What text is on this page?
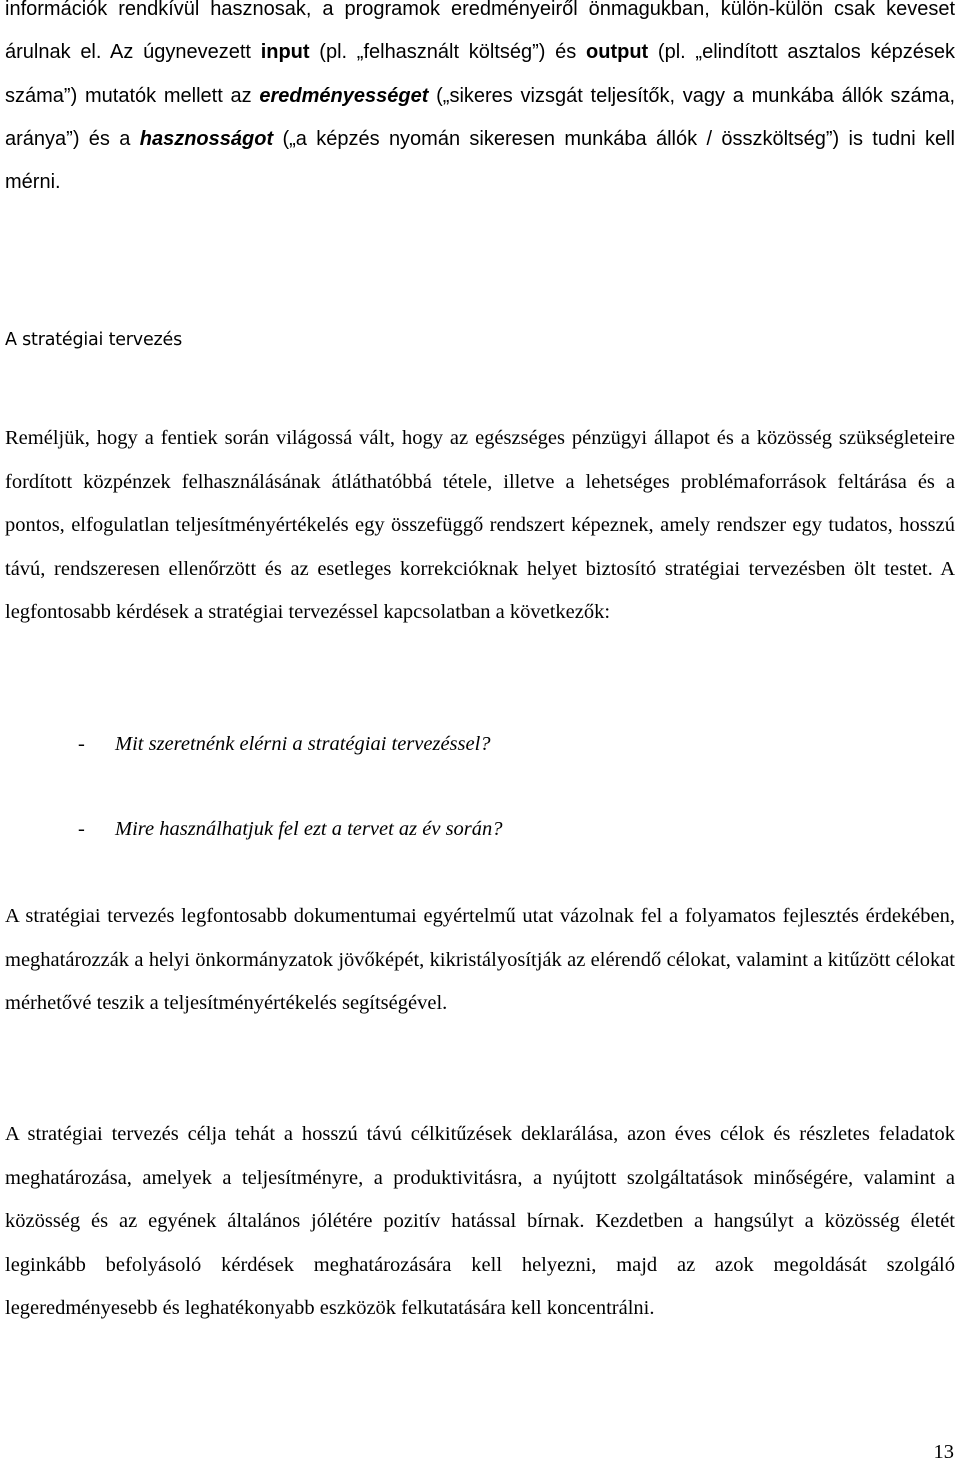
információk rendkívül hasznosak, a programok eredményeiről önmagukban, külön-külön csak keveset árulnak el. Az úgynevezett input (pl. „felhasznált költség”) és output (pl. „elindított asztalos képzések száma”) mutatók mellett az eredményességet („sikeres vizsgát teljesítők, vagy a munkába állók száma, aránya”) és a hasznosságot („a képzés nyomán sikeresen munkába állók / összköltség”) is tudni kell mérni.

A stratégiai tervezés

Reméljük, hogy a fentiek során világossá vált, hogy az egészséges pénzügyi állapot és a közösség szükségleteire fordított közpénzek felhasználásának átláthatóbbá tétele, illetve a lehetséges problémaforrások feltárása és a pontos, elfogulatlan teljesítményértékelés egy összefüggő rendszert képeznek, amely rendszer egy tudatos, hosszú távú, rendszeresen ellenőrzött és az esetleges korrekcióknak helyet biztosító stratégiai tervezésben ölt testet. A legfontosabb kérdések a stratégiai tervezéssel kapcsolatban a következők:

- Mit szeretnénk elérni a stratégiai tervezéssel?

- Mire használhatjuk fel ezt a tervet az év során?

A stratégiai tervezés legfontosabb dokumentumai egyértelmű utat vázolnak fel a folyamatos fejlesztés érdekében, meghatározzák a helyi önkormányzatok jövőképét, kikristályosítják az elérendő célokat, valamint a kitűzött célokat mérhetővé teszik a teljesítményértékelés segítségével.

A stratégiai tervezés célja tehát a hosszú távú célkitűzések deklarálása, azon éves célok és részletes feladatok meghatározása, amelyek a teljesítményre, a produktivitásra, a nyújtott szolgáltatások minőségére, valamint a közösség és az egyének általános jólétére pozitív hatással bírnak. Kezdetben a hangsúlyt a közösség életét leginkább befolyásoló kérdések meghatározására kell helyezni, majd az azok megoldását szolgáló legeredményesebb és leghatékonyabb eszközök felkutatására kell koncentrálni.

13
